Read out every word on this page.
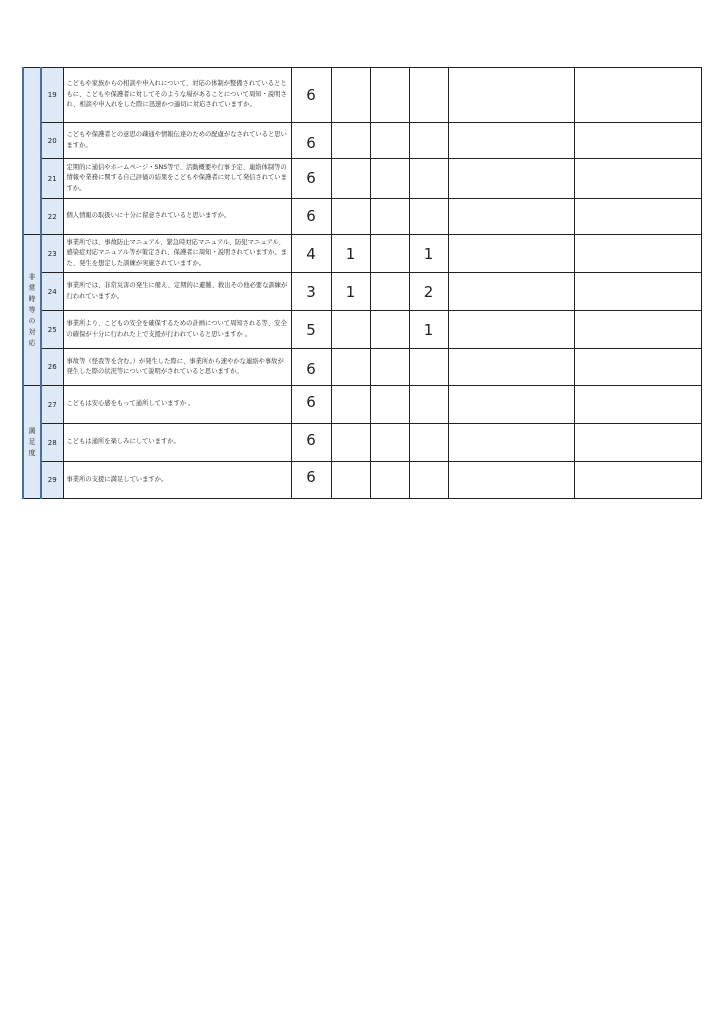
	19	こどもや家族からの相談や申入れについて、対応の体制が整備されているとともに、こどもや保護者に対してそのような場があることについて周知・説明され、相談や申入れをした際に迅速かつ適切に対応されていますか。	6					
	20	こどもや保護者との意思の疎通や情報伝達のための配慮がなされていると思いますか。	6					
	21	定期的に通信やホームページ・SNS等で、活動概要や行事予定、連絡体制等の情報や業務に関する自己評価の結果をこどもや保護者に対して発信されていますか。	6					
	22	個人情報の取扱いに十分に留意されていると思いますか。	6					
非常時等の対応	23	事業所では、事故防止マニュアル、緊急時対応マニュアル、防犯マニュアル、感染症対応マニュアル等が策定され、保護者に周知・説明されていますか。また、発生を想定した訓練が実施されていますか。	4	1		1		
	24	事業所では、非常災害の発生に備え、定期的に避難、救出その他必要な訓練が行われていますか。	3	1		2		
	25	事業所より、こどもの安全を確保するための計画について周知される等、安全の確保が十分に行われた上で支援が行われていると思いますか 。	5			1		
	26	事故等（怪我等を含む。）が発生した際に、事業所から速やかな連絡や事故が発生した際の状況等について説明がされていると思いますか。	6					
満足度	27	こどもは安心感をもって通所していますか 。	6					
	28	こどもは通所を楽しみにしていますか。	6					
	29	事業所の支援に満足していますか。	6					
